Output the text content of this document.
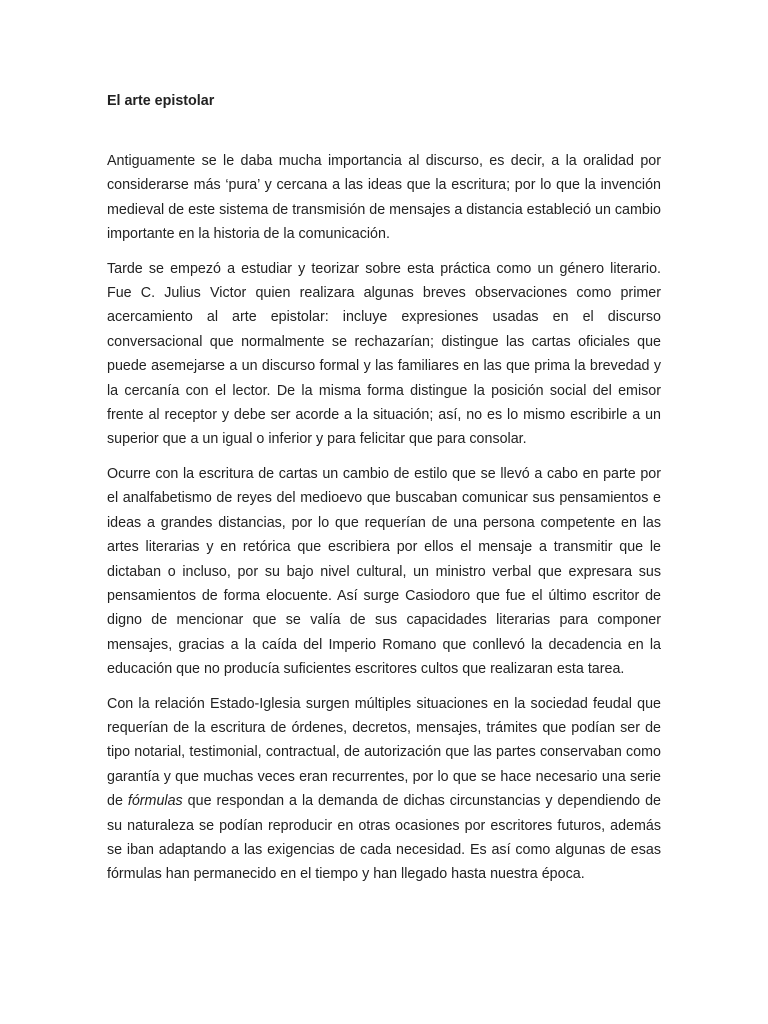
El arte epistolar

Antiguamente se le daba mucha importancia al discurso, es decir, a la oralidad por considerarse más ‘pura’ y cercana a las ideas que la escritura; por lo que la invención medieval de este sistema de transmisión de mensajes a distancia estableció un cambio importante en la historia de la comunicación.

Tarde se empezó a estudiar y teorizar sobre esta práctica como un género literario. Fue C. Julius Victor quien realizara algunas breves observaciones como primer acercamiento al arte epistolar: incluye expresiones usadas en el discurso conversacional que normalmente se rechazarían; distingue las cartas oficiales que puede asemejarse a un discurso formal y las familiares en las que prima la brevedad y la cercanía con el lector. De la misma forma distingue la posición social del emisor frente al receptor y debe ser acorde a la situación; así, no es lo mismo escribirle a un superior que a un igual o inferior y para felicitar que para consolar.

Ocurre con la escritura de cartas un cambio de estilo que se llevó a cabo en parte por el analfabetismo de reyes del medioevo que buscaban comunicar sus pensamientos e ideas a grandes distancias, por lo que requerían de una persona competente en las artes literarias y en retórica que escribiera por ellos el mensaje a transmitir que le dictaban o incluso, por su bajo nivel cultural, un ministro verbal que expresara sus pensamientos de forma elocuente. Así surge Casiodoro que fue el último escritor de digno de mencionar que se valía de sus capacidades literarias para componer mensajes, gracias a la caída del Imperio Romano que conllevó la decadencia en la educación que no producía suficientes escritores cultos que realizaran esta tarea.

Con la relación Estado-Iglesia surgen múltiples situaciones en la sociedad feudal que requerían de la escritura de órdenes, decretos, mensajes, trámites que podían ser de tipo notarial, testimonial, contractual, de autorización que las partes conservaban como garantía y que muchas veces eran recurrentes, por lo que se hace necesario una serie de fórmulas que respondan a la demanda de dichas circunstancias y dependiendo de su naturaleza se podían reproducir en otras ocasiones por escritores futuros, además se iban adaptando a las exigencias de cada necesidad. Es así como algunas de esas fórmulas han permanecido en el tiempo y han llegado hasta nuestra época.
